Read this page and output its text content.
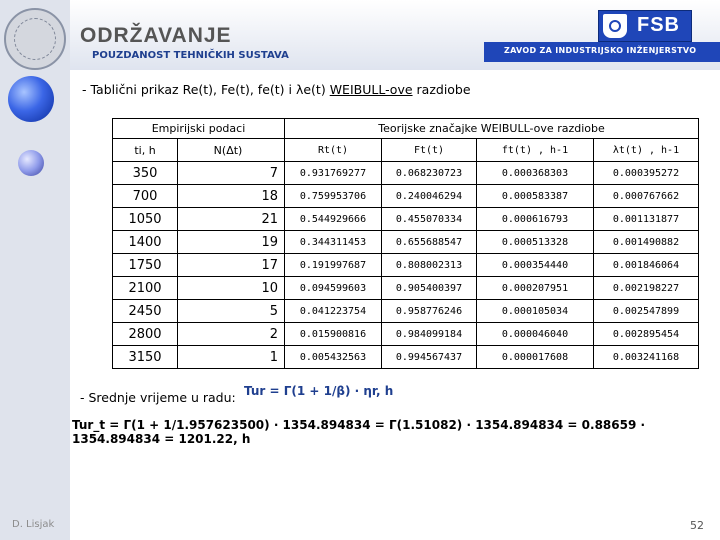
D. Lisjak
ODRŽAVANJE
POUZDANOST TEHNIČKIH SUSTAVA	ZAVOD ZA INDUSTRIJSKO INŽENJERSTVO
FSB
- Tablični prikaz Re(t), Fe(t), fe(t) i λe(t) WEIBULL-ove razdiobe
Empirijski podaci		Teorijske značajke WEIBULL-ove razdiobe			
ti, h	N(Δt)	Rt(t)	Ft(t)	ft(t) , h-1	λt(t) , h-1
350	7	0.931769277	0.068230723	0.000368303	0.000395272
700	18	0.759953706	0.240046294	0.000583387	0.000767662
1050	21	0.544929666	0.455070334	0.000616793	0.001131877
1400	19	0.344311453	0.655688547	0.000513328	0.001490882
1750	17	0.191997687	0.808002313	0.000354440	0.001846064
2100	10	0.094599603	0.905400397	0.000207951	0.002198227
2450	5	0.041223754	0.958776246	0.000105034	0.002547899
2800	2	0.015900816	0.984099184	0.000046040	0.002895454
3150	1	0.005432563	0.994567437	0.000017608	0.003241168
- Srednje vrijeme u radu: Tur = Γ(1 + 1/β) · ηr, h
Tur_t = Γ(1 + 1/1.957623500) · 1354.894834 = Γ(1.51082) · 1354.894834 = 0.88659 · 1354.894834 = 1201.22, h
52
